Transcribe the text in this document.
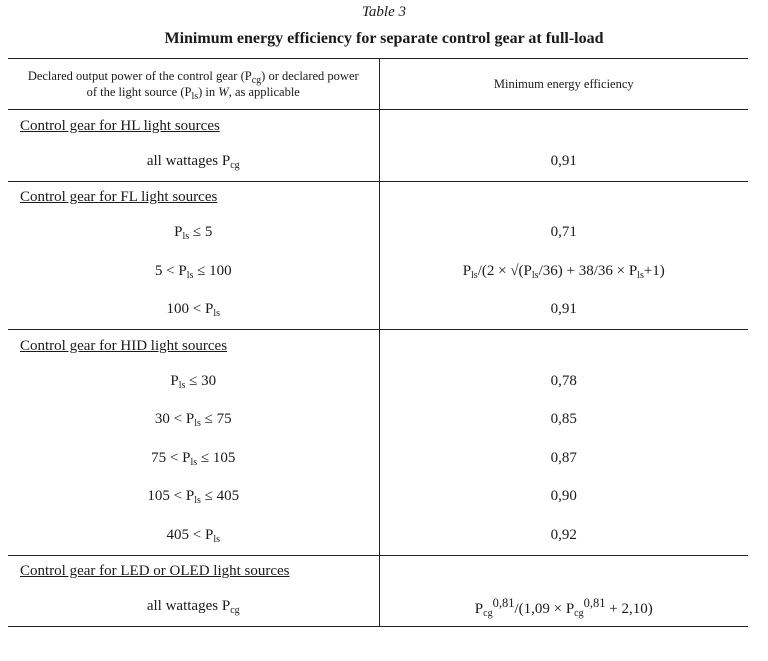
Table 3
Minimum energy efficiency for separate control gear at full-load
Declared output power of the control gear $(P_{cg})$ or declared power of the light source $(P_{ls})$ in W, as applicable	Minimum energy efficiency
Control gear for HL light sources	
all wattages $P_{cg}$	0,91
Control gear for FL light sources	
$P_{ls} \le 5$	0,71
$5 < P_{ls} \le 100$	$P_{ls}/(2 \times √(P_{ls}/36) + 38/36 \times P_{ls}+1)$
$100 < P_{ls}$	0,91
Control gear for HID light sources	
$P_{ls} \le 30$	0,78
$30 < P_{ls} \le 75$	0,85
$75 < P_{ls} \le 105$	0,87
$105 < P_{ls} \le 405$	0,90
$405 < P_{ls}$	0,92
Control gear for LED or OLED light sources	
all wattages $P_{cg}$	$P_{cg}^{0,81}/(1,09 \times P_{cg}^{0,81} + 2,10)$
